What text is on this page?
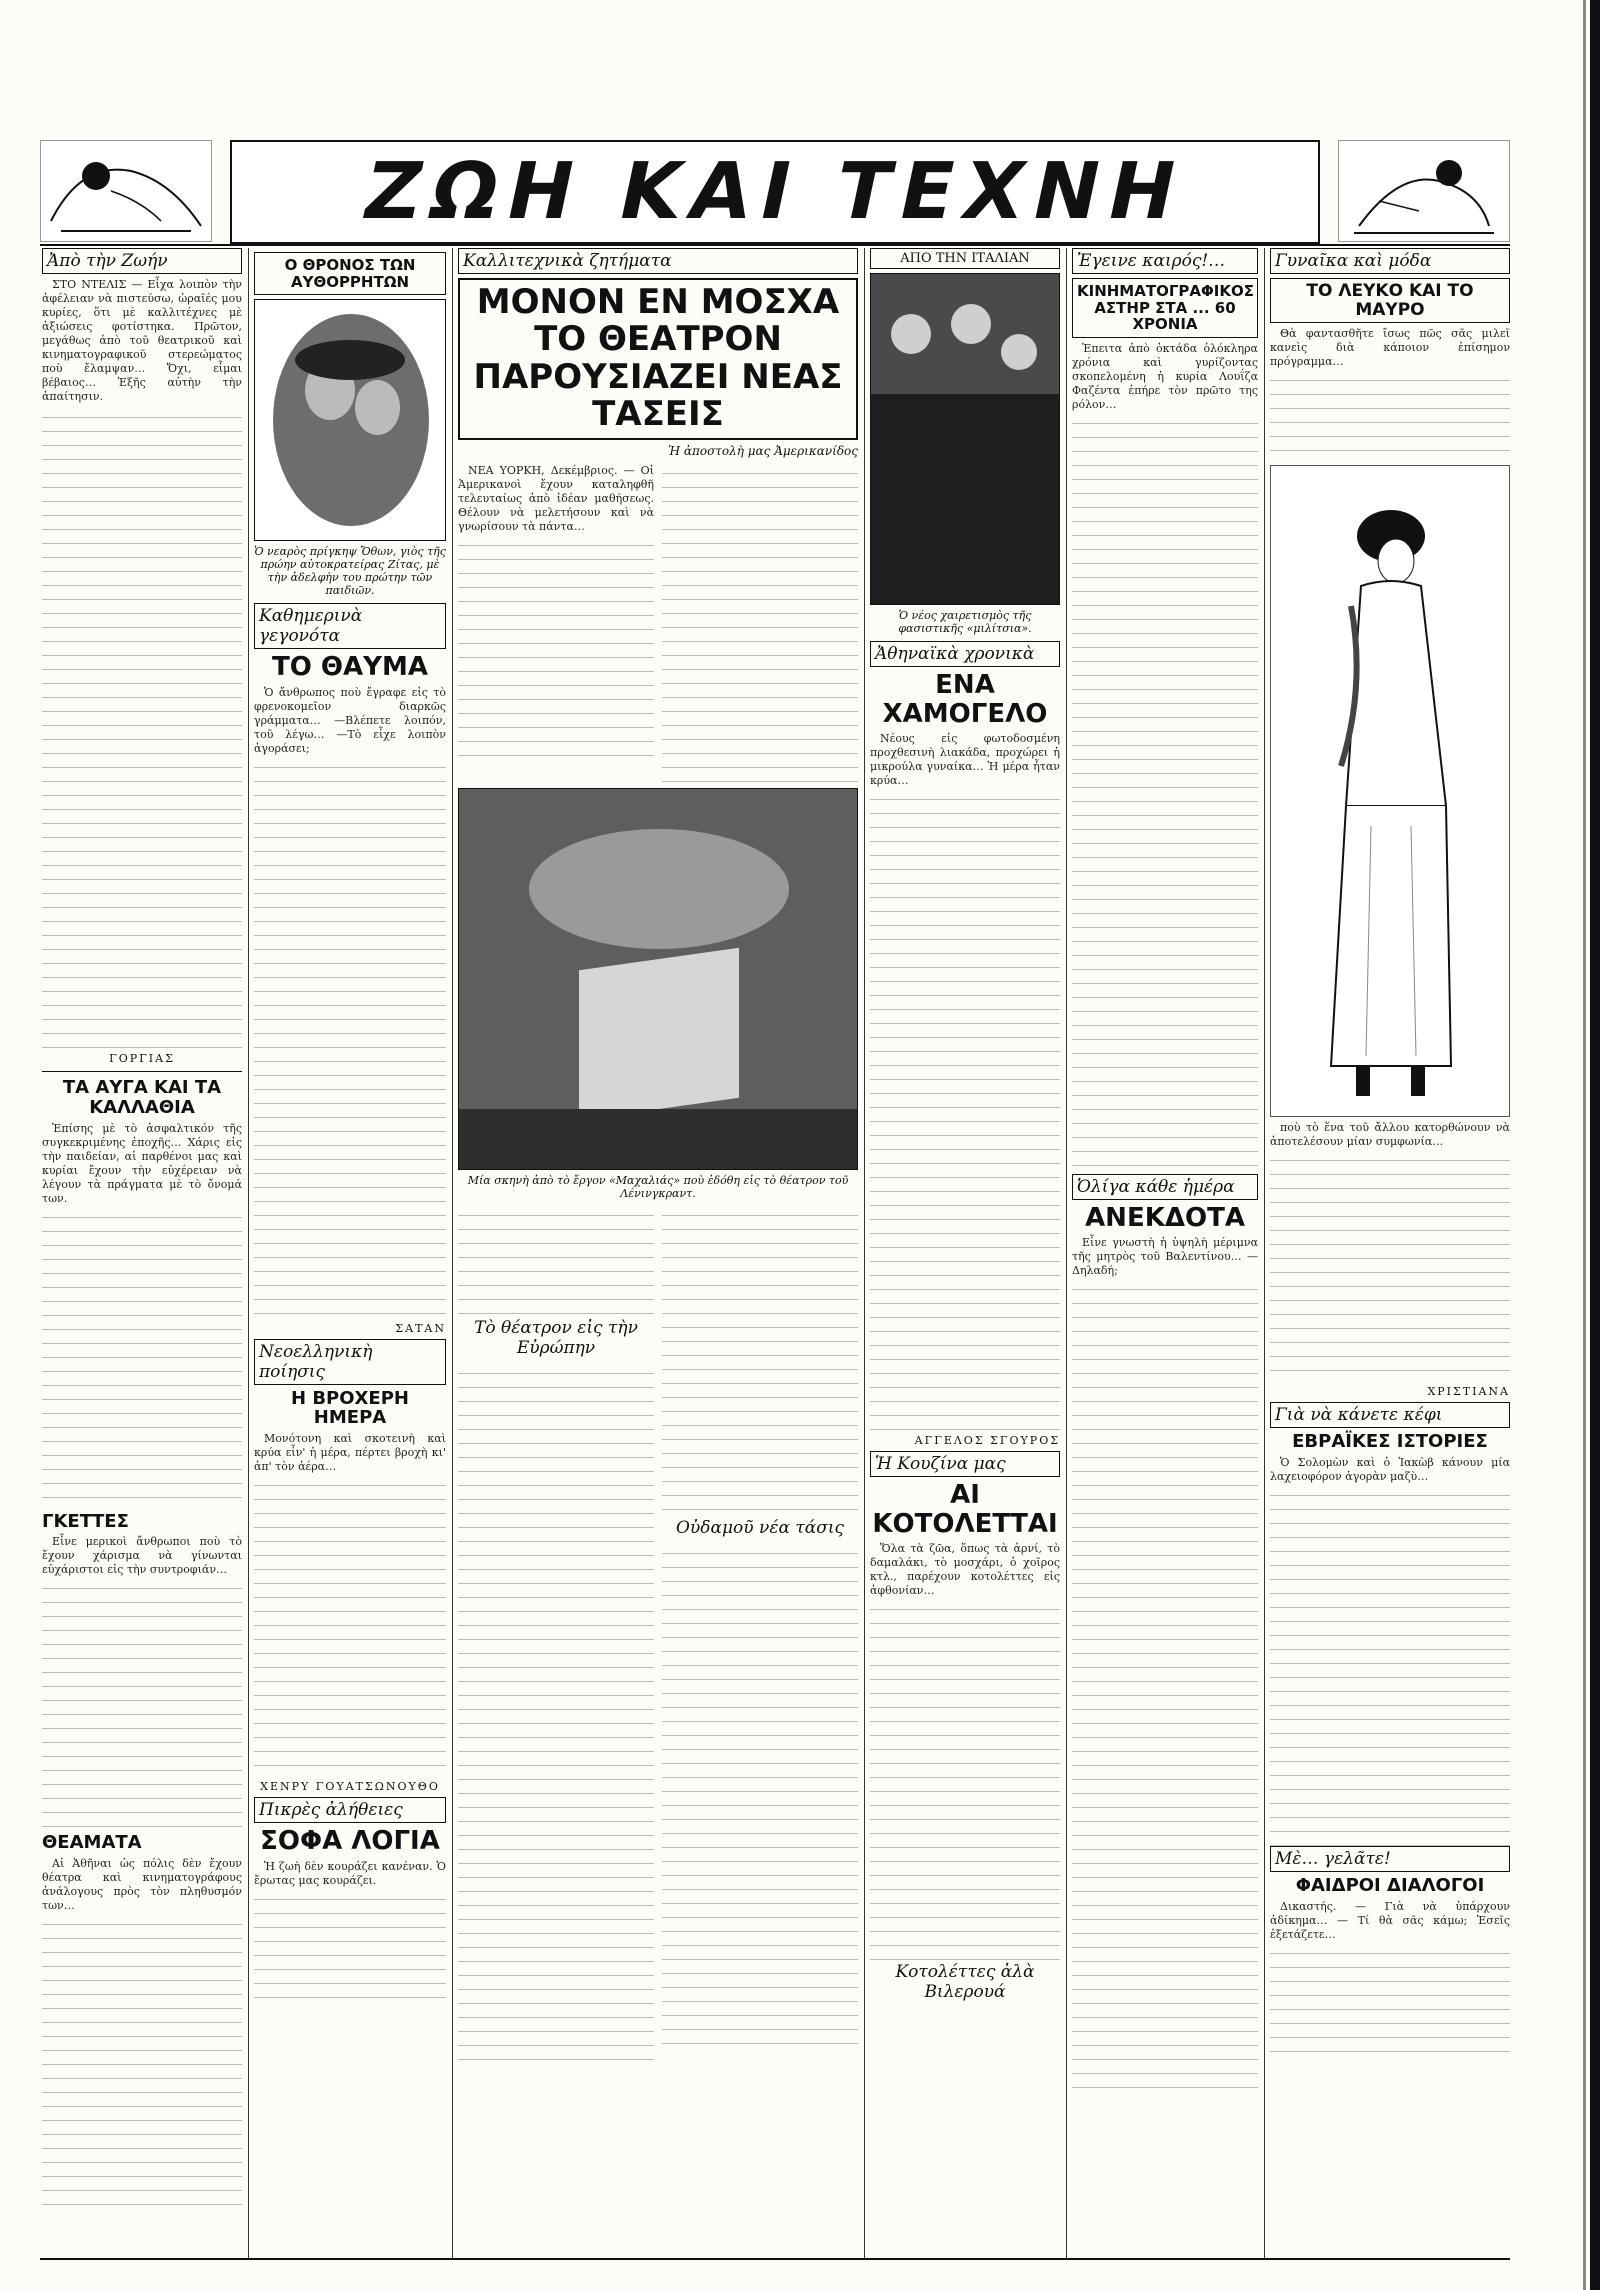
ΖΩΗ ΚΑΙ ΤΕΧΝΗ
Ἀπὸ τὴν Ζωήν

ΣΤΟ ΝΤΕΛΙΣ — Εἶχα λοιπὸν τὴν ἀφέλειαν νὰ πιστεύσω, ὡραῖές μου κυρίες, ὅτι μὲ καλλιτέχνες μὲ ἀξιώσεις φοτίστηκα. Πρῶτον, μεγάθως ἀπὸ τοῦ θεατρικοῦ καὶ κινηματογραφικοῦ στερεώματος ποὺ ἔλαμψαν… Ὄχι, εἶμαι βέβαιος… Ἐξῆς αὐτὴν τὴν ἀπαίτησιν.

ΓΟΡΓΙΑΣ
ΤΑ ΑΥΓΑ ΚΑΙ ΤΑ ΚΑΛΛΑΘΙΑ

Ἐπίσης μὲ τὸ ἀσφαλτικόν τῆς συγκεκριμένης ἐποχῆς… Χάρις εἰς τὴν παιδείαν, αἱ παρθένοι μας καὶ κυρίαι ἔχουν τὴν εὐχέρειαν νὰ λέγουν τὰ πράγματα μὲ τὸ ὄνομά των.

ΓΚΕΤΤΕΣ

Εἶνε μερικοὶ ἄνθρωποι ποὺ τὸ ἔχουν χάρισμα νὰ γίνωνται εὐχάριστοι εἰς τὴν συντροφιάν…

ΘΕΑΜΑΤΑ

Αἱ Ἀθῆναι ὡς πόλις δὲν ἔχουν θέατρα καὶ κινηματογράφους ἀνάλογους πρὸς τὸν πληθυσμόν των…

Ο ΘΡΟΝΟΣ ΤΩΝ ΑΥΘΟΡΡΗΤΩΝ
Ὁ νεαρὸς πρίγκηψ Ὄθων, γιὸς τῆς πρώην αὐτοκρατείρας Ζίτας, μὲ τὴν ἀδελφὴν του πρώτην τῶν παιδιῶν.
Καθημερινὰ γεγονότα
ΤΟ ΘΑΥΜΑ

Ὁ ἄνθρωπος ποὺ ἔγραφε εἰς τὸ φρενοκομεῖον διαρκῶς γράμματα… —Βλέπετε λοιπόν, τοῦ λέγω… —Τὸ εἶχε λοιπὸν ἀγοράσει;

ΣΑΤΑΝ
Νεοελληνικὴ ποίησις
Η ΒΡΟΧΕΡΗ ΗΜΕΡΑ

Μονότονη καὶ σκοτεινὴ καὶ κρύα εἶν' ἡ μέρα, πέρτει βροχὴ κι' ἀπ' τὸν ἀέρα…

ΧΕΝΡΥ ΓΟΥΑΤΣΩΝΟΥΘΟ
Πικρὲς ἀλήθειες
ΣΟΦΑ ΛΟΓΙΑ

Ἡ ζωὴ δὲν κουράζει κανέναν. Ὁ ἔρωτας μας κουράζει.

Καλλιτεχνικὰ ζητήματα
ΜΟΝΟΝ ΕΝ ΜΟΣΧΑ ΤΟ ΘΕΑΤΡΟΝ ΠΑΡΟΥΣΙΑΖΕΙ ΝΕΑΣ ΤΑΣΕΙΣ
Ἡ ἀποστολὴ μας Ἀμερικανίδος

ΝΕΑ ΥΟΡΚΗ, Δεκέμβριος. — Οἱ Ἀμερικανοὶ ἔχουν καταληφθῆ τελευταίως ἀπὸ ἰδέαν μαθήσεως. Θέλουν νὰ μελετήσουν καὶ νὰ γνωρίσουν τὰ πάντα…

Μία σκηνὴ ἀπὸ τὸ ἔργον «Μαχαλιάς» ποὺ ἐδόθη εἰς τὸ θέατρον τοῦ Λένινγκραντ.
Τὸ θέατρον εἰς τὴν Εὐρώπην
Οὐδαμοῦ νέα τάσις
ΑΠΟ ΤΗΝ ΙΤΑΛΙΑΝ
Ὁ νέος χαιρετισμὸς τῆς φασιστικῆς «μιλίτσια».
Ἀθηναϊκὰ χρονικὰ
ΕΝΑ ΧΑΜΟΓΕΛΟ

Νέους εἰς φωτοδοσμένη προχθεσινὴ λιακάδα, προχώρει ἡ μικρούλα γυναίκα… Ἡ μέρα ἦταν κρύα…

ΑΓΓΕΛΟΣ ΣΓΟΥΡΟΣ
Ἡ Κουζίνα μας
ΑΙ ΚΟΤΟΛΕΤΤΑΙ

Ὅλα τὰ ζῶα, ὅπως τὰ ἀρνί, τὸ δαμαλάκι, τὸ μοσχάρι, ὁ χοῖρος κτλ., παρέχουν κοτολέττες εἰς ἀφθονίαν…

Κοτολέττες ἀλὰ Βιλερουά
Ἐγεινε καιρός!…
ΚΙΝΗΜΑΤΟΓΡΑΦΙΚΟΣ ΑΣΤΗΡ ΣΤΑ ... 60 ΧΡΟΝΙΑ

Ἐπειτα ἀπὸ ὀκτάδα ὁλόκληρα χρόνια καὶ γυρίζοντας σκοπελομένη ἡ κυρία Λουΐζα Φαζέντα ἐπήρε τὸν πρῶτο της ρόλον…

Ὀλίγα κάθε ἡμέρα
ΑΝΕΚΔΟΤΑ

Εἶνε γνωστὴ ἡ ὑψηλὴ μέριμνα τῆς μητρὸς τοῦ Βαλεντίνου… —Δηλαδή;

Γυναῖκα καὶ μόδα
ΤΟ ΛΕΥΚΟ ΚΑΙ ΤΟ ΜΑΥΡΟ

Θὰ φαντασθῆτε ἴσως πῶς σᾶς μιλεῖ κανεὶς διὰ κάποιον ἐπίσημον πρόγραμμα…

ποὺ τὸ ἕνα τοῦ ἄλλου κατορθώνουν νὰ ἀποτελέσουν μίαν συμφωνία…

ΧΡΙΣΤΙΑΝΑ
Γιὰ νὰ κάνετε κέφι
ΕΒΡΑΪΚΕΣ ΙΣΤΟΡΙΕΣ

Ὁ Σολομὼν καὶ ὁ Ἰακὼβ κάνουν μία λαχειοφόρον ἀγορὰν μαζὺ…

Μὲ… γελᾶτε!
ΦΑΙΔΡΟΙ ΔΙΑΛΟΓΟΙ

Δικαστής. — Γιὰ νὰ ὑπάρχουν ἀδίκημα… — Τί θὰ σᾶς κάμω; Ἐσεῖς ἐξετάζετε…
